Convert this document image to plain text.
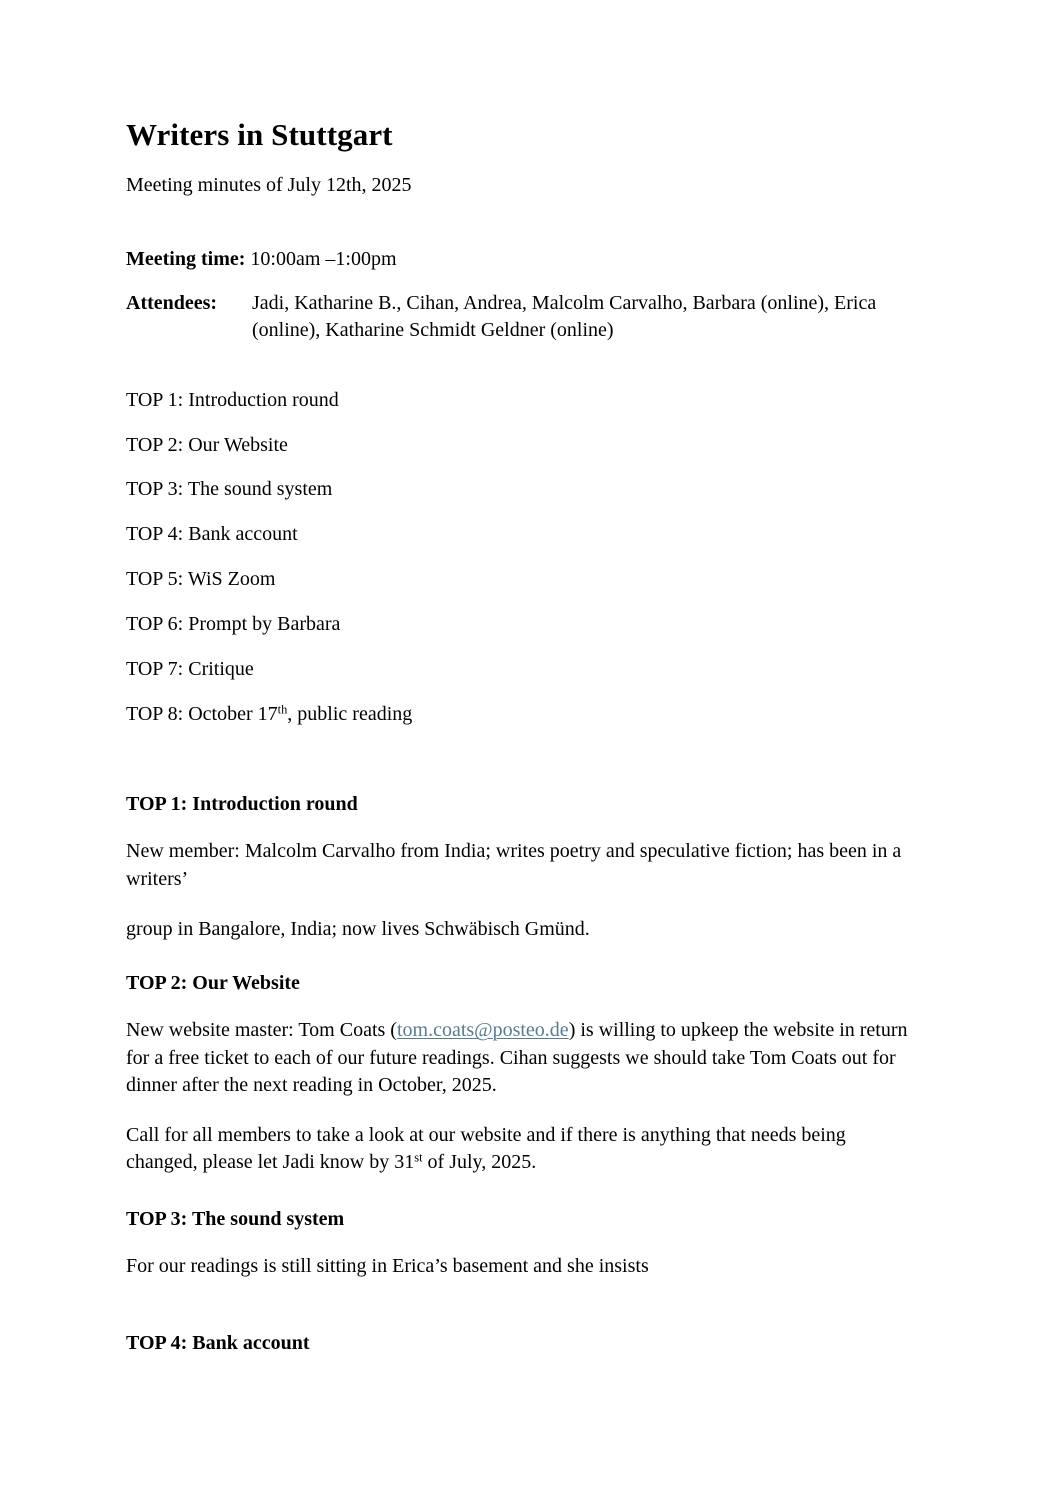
Writers in Stuttgart

Meeting minutes of July 12th, 2025

Meeting time: 10:00am –1:00pm
Attendees:	Jadi, Katharine B., Cihan, Andrea, Malcolm Carvalho, Barbara (online), Erica (online), Katharine Schmidt Geldner (online)
TOP 1: Introduction round
TOP 2: Our Website
TOP 3: The sound system
TOP 4: Bank account
TOP 5: WiS Zoom
TOP 6: Prompt by Barbara
TOP 7: Critique
TOP 8: October 17th, public reading
TOP 1: Introduction round

New member: Malcolm Carvalho from India; writes poetry and speculative fiction; has been in a writers’

group in Bangalore, India; now lives Schwäbisch Gmünd.

TOP 2: Our Website

New website master: Tom Coats (tom.coats@posteo.de) is willing to upkeep the website in return for a free ticket to each of our future readings. Cihan suggests we should take Tom Coats out for dinner after the next reading in October, 2025.

Call for all members to take a look at our website and if there is anything that needs being changed, please let Jadi know by 31st of July, 2025.

TOP 3: The sound system

For our readings is still sitting in Erica’s basement and she insists

TOP 4: Bank account
